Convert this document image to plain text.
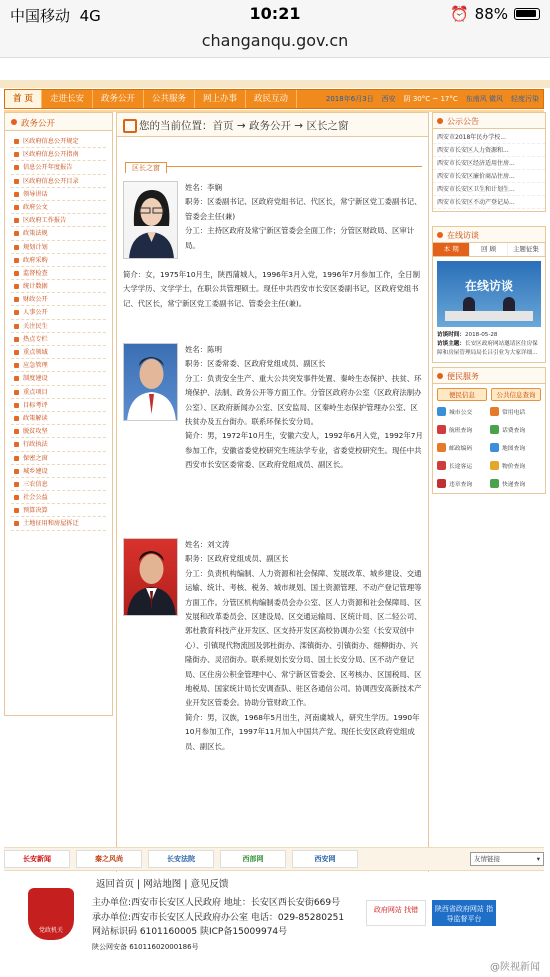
中国移动 4G	10:21	⏰ 88%
changanqu.gov.cn
首 页	走进长安	政务公开	公共服务	网上办事	政民互动	2018年6月3日 西安 阴 30°C ~ 17°C 东南风 微风 轻度污染
政务公开
区政府信息公开规定
区政府信息公开指南
信息公开年度报告
区政府信息公开目录
领导讲话
政府公文
区政府工作报告
政策法规
规划计划
政府采购
监督检查
统计数据
财政公开
人事公开
关注民生
热点专栏
重点领域
应急管理
制度建设
重点项目
目标考评
政策解读
脱贫攻坚
行政执法
保密之窗
城乡建设
三农信息
社会公益
预算决算
土地征用和房屋拆迁
您的当前位置：首页 → 政务公开 → 区长之窗
区长之窗
姓名：李娴
职务：区委副书记、区政府党组书记、代区长，常宁新区党工委副书记、管委会主任(兼)
分工：主持区政府及常宁新区管委会全面工作；分管区财政局、区审计局。
简介：女，1975年10月生，陕西蒲城人，1996年3月入党，1996年7月参加工作，全日制大学学历、文学学士，在职公共管理硕士。现任中共西安市长安区委副书记，区政府党组书记、代区长，常宁新区党工委副书记、管委会主任(兼)。
姓名：陈明
职务：区委常委、区政府党组成员、副区长
分工：负责安全生产、重大公共突发事件处置、秦岭生态保护、扶贫、环境保护、法制、政务公开等方面工作。分管区政府办公室（区政府法制办公室）、区政府新闻办公室、区安监局、区秦岭生态保护管理办公室、区扶贫办及五台街办。联系环保长安分局。
简介：男，1972年10月生，安徽六安人，1992年6月入党，1992年7月参加工作，安徽省委党校研究生班法学专业，省委党校研究生。现任中共西安市长安区委常委、区政府党组成员、副区长。
姓名：刘文涛
职务：区政府党组成员、副区长
分工：负责机构编制、人力资源和社会保障、发展改革、城乡建设、交通运输、统计、考核、税务、城市规划、国土资源管理、不动产登记管理等方面工作。分管区机构编制委员会办公室、区人力资源和社会保障局、区发展和改革委员会、区建设局、区交通运输局、区统计局、区二轻公司、郭杜教育科技产业开发区、区支持开发区高校协调办公室（长安双创中心）、引镇现代物流园及郭杜街办、滦镇街办、引镇街办、细柳街办、兴隆街办、灵沼街办。联系规划长安分局、国土长安分局、区不动产登记局、区住房公积金管理中心、常宁新区管委会、区考核办、区国税局、区地税局、国家统计局长安调查队、驻区各通信公司。协调西安高新技术产业开发区管委会。协助分管财政工作。
简介：男，汉族，1968年5月出生，河南虞城人，研究生学历。1990年10月参加工作，1997年11月加入中国共产党。现任长安区政府党组成员、副区长。
公示公告
西安市2018年民办学校...
西安市长安区人力资源和...
西安市长安区经济适用住房...
西安市长安区廉价商品住房...
西安市长安区卫生和计划生...
西安市长安区不动产登记局...
在线访谈
本 期	回 顾	主题征集
在线访谈
访谈时间：2018-05-28
访谈主题：长安区政府网站邀请区住房保障和房屋管理局局长吕引业为大家详细...
便民服务
便民信息	公共信息查询
城市公交	常用电话
航班查询	话费查询
邮政编码	地图查询
长途客运	物价查询
违章查询	快递查询
长安新闻	秦之风尚	长安法院	西部网	西安网	友情链接 ▾
党政机关
返回首页 | 网站地图 | 意见反馈
主办单位:西安市长安区人民政府 地址：长安区西长安街669号
承办单位:西安市长安区人民政府办公室 电话：029-85280251
网站标识码 6101160005 陕ICP备15009974号
陕公网安备 61011602000186号
政府网站 找错	陕西省政府网站 指导监督平台
@陕视新闻
